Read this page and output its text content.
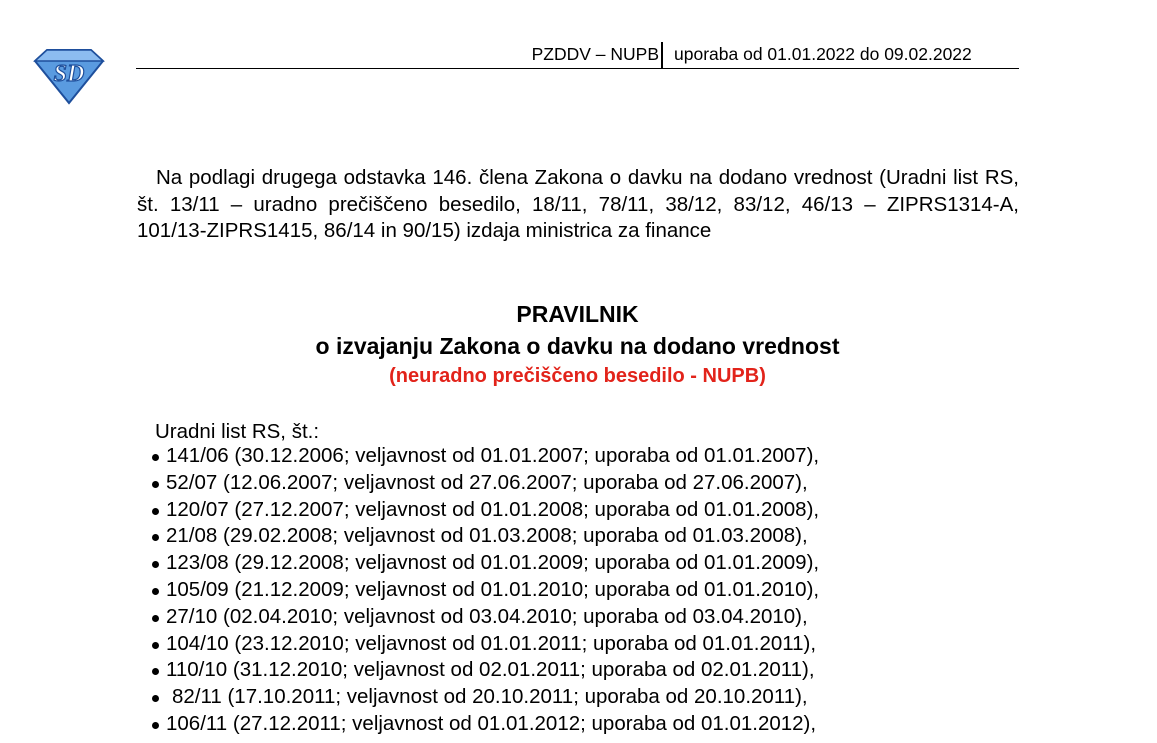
SD
PZDDV – NUPB uporaba od 01.01.2022 do 09.02.2022

Na podlagi drugega odstavka 146. člena Zakona o davku na dodano vrednost (Uradni list RS, št. 13/11 – uradno prečiščeno besedilo, 18/11, 78/11, 38/12, 83/12, 46/13 – ZIPRS1314-A, 101/13-ZIPRS1415, 86/14 in 90/15) izdaja ministrica za finance

PRAVILNIK

o izvajanju Zakona o davku na dodano vrednost

(neuradno prečiščeno besedilo - NUPB)

Uradni list RS, št.:
141/06 (30.12.2006; veljavnost od 01.01.2007; uporaba od 01.01.2007),
52/07 (12.06.2007; veljavnost od 27.06.2007; uporaba od 27.06.2007),
120/07 (27.12.2007; veljavnost od 01.01.2008; uporaba od 01.01.2008),
21/08 (29.02.2008; veljavnost od 01.03.2008; uporaba od 01.03.2008),
123/08 (29.12.2008; veljavnost od 01.01.2009; uporaba od 01.01.2009),
105/09 (21.12.2009; veljavnost od 01.01.2010; uporaba od 01.01.2010),
27/10 (02.04.2010; veljavnost od 03.04.2010; uporaba od 03.04.2010),
104/10 (23.12.2010; veljavnost od 01.01.2011; uporaba od 01.01.2011),
110/10 (31.12.2010; veljavnost od 02.01.2011; uporaba od 02.01.2011),
82/11 (17.10.2011; veljavnost od 20.10.2011; uporaba od 20.10.2011),
106/11 (27.12.2011; veljavnost od 01.01.2012; uporaba od 01.01.2012),
